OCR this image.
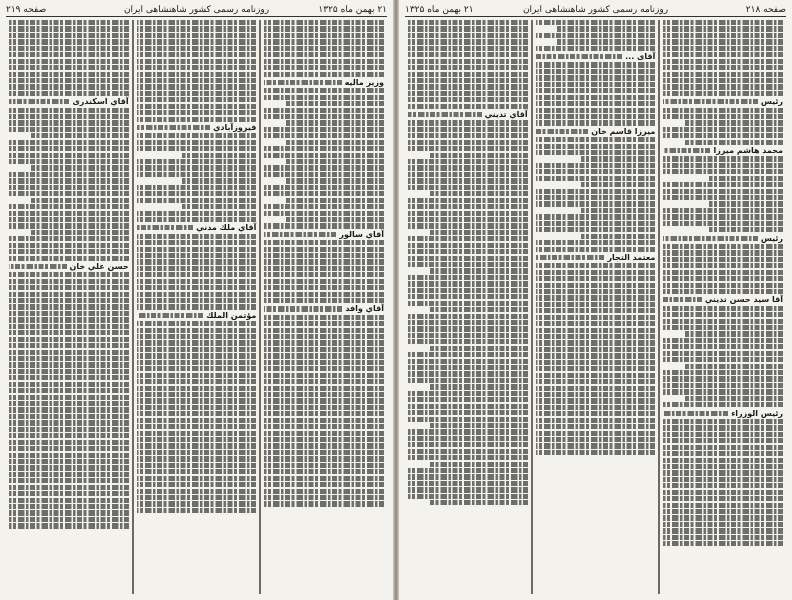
۲۱ بهمن ماه ۱۳۲۵
روزنامه رسمی کشور شاهنشاهی ایران
صفحه ۲۱۹
وزیر ماليه
آقاي سالور
آقاي وافد
فيروزآبادي
آقاي ملك مدني
مؤتمن الملك
آقاي اسکندری
حسن علي خان
صفحه ۲۱۸
روزنامه رسمی کشور شاهنشاهی ایران
۲۱ بهمن ماه ۱۳۲۵
رئيس
محمد هاشم ميرزا
رئيس
آقا سيد حسن تديني
رئيس الوزراء
آقای ...
ميرزا قاسم خان
معتمد التجار
آقاي تديني
